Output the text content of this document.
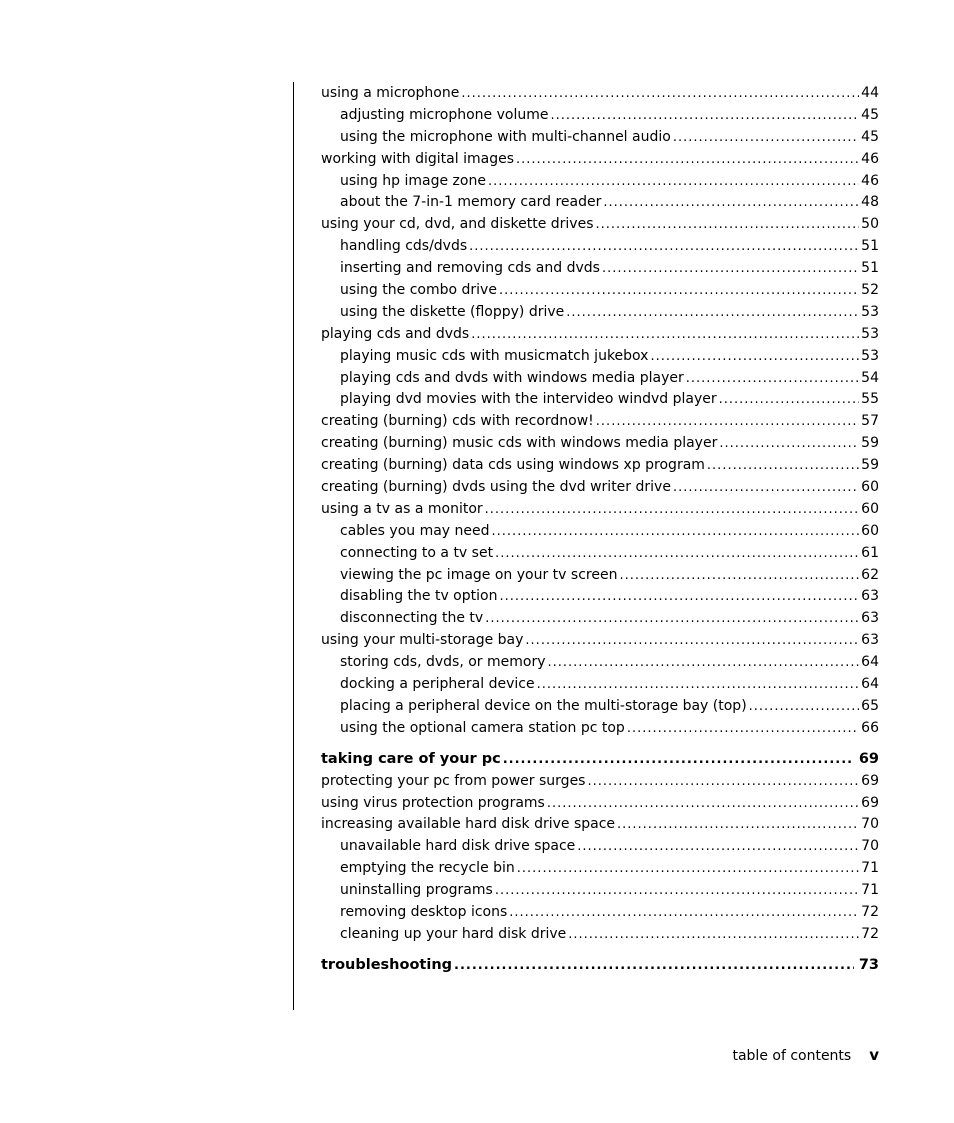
using a microphone .....	44
adjusting microphone volume .....	45
using the microphone with multi-channel audio .....	45
working with digital images .....	46
using hp image zone .....	46
about the 7-in-1 memory card reader .....	48
using your cd, dvd, and diskette drives .....	50
handling cds/dvds .....	51
inserting and removing cds and dvds .....	51
using the combo drive .....	52
using the diskette (floppy) drive .....	53
playing cds and dvds .....	53
playing music cds with musicmatch jukebox .....	53
playing cds and dvds with windows media player .....	54
playing dvd movies with the intervideo windvd player .....	55
creating (burning) cds with recordnow! .....	57
creating (burning) music cds with windows media player .....	59
creating (burning) data cds using windows xp program .....	59
creating (burning) dvds using the dvd writer drive .....	60
using a tv as a monitor .....	60
cables you may need .....	60
connecting to a tv set .....	61
viewing the pc image on your tv screen .....	62
disabling the tv option .....	63
disconnecting the tv .....	63
using your multi-storage bay .....	63
storing cds, dvds, or memory .....	64
docking a peripheral device .....	64
placing a peripheral device on the multi-storage bay (top) .....	65
using the optional camera station pc top .....	66
taking care of your pc .....	69
protecting your pc from power surges .....	69
using virus protection programs .....	69
increasing available hard disk drive space .....	70
unavailable hard disk drive space .....	70
emptying the recycle bin .....	71
uninstalling programs .....	71
removing desktop icons .....	72
cleaning up your hard disk drive .....	72
troubleshooting .....	73
table of contents v
